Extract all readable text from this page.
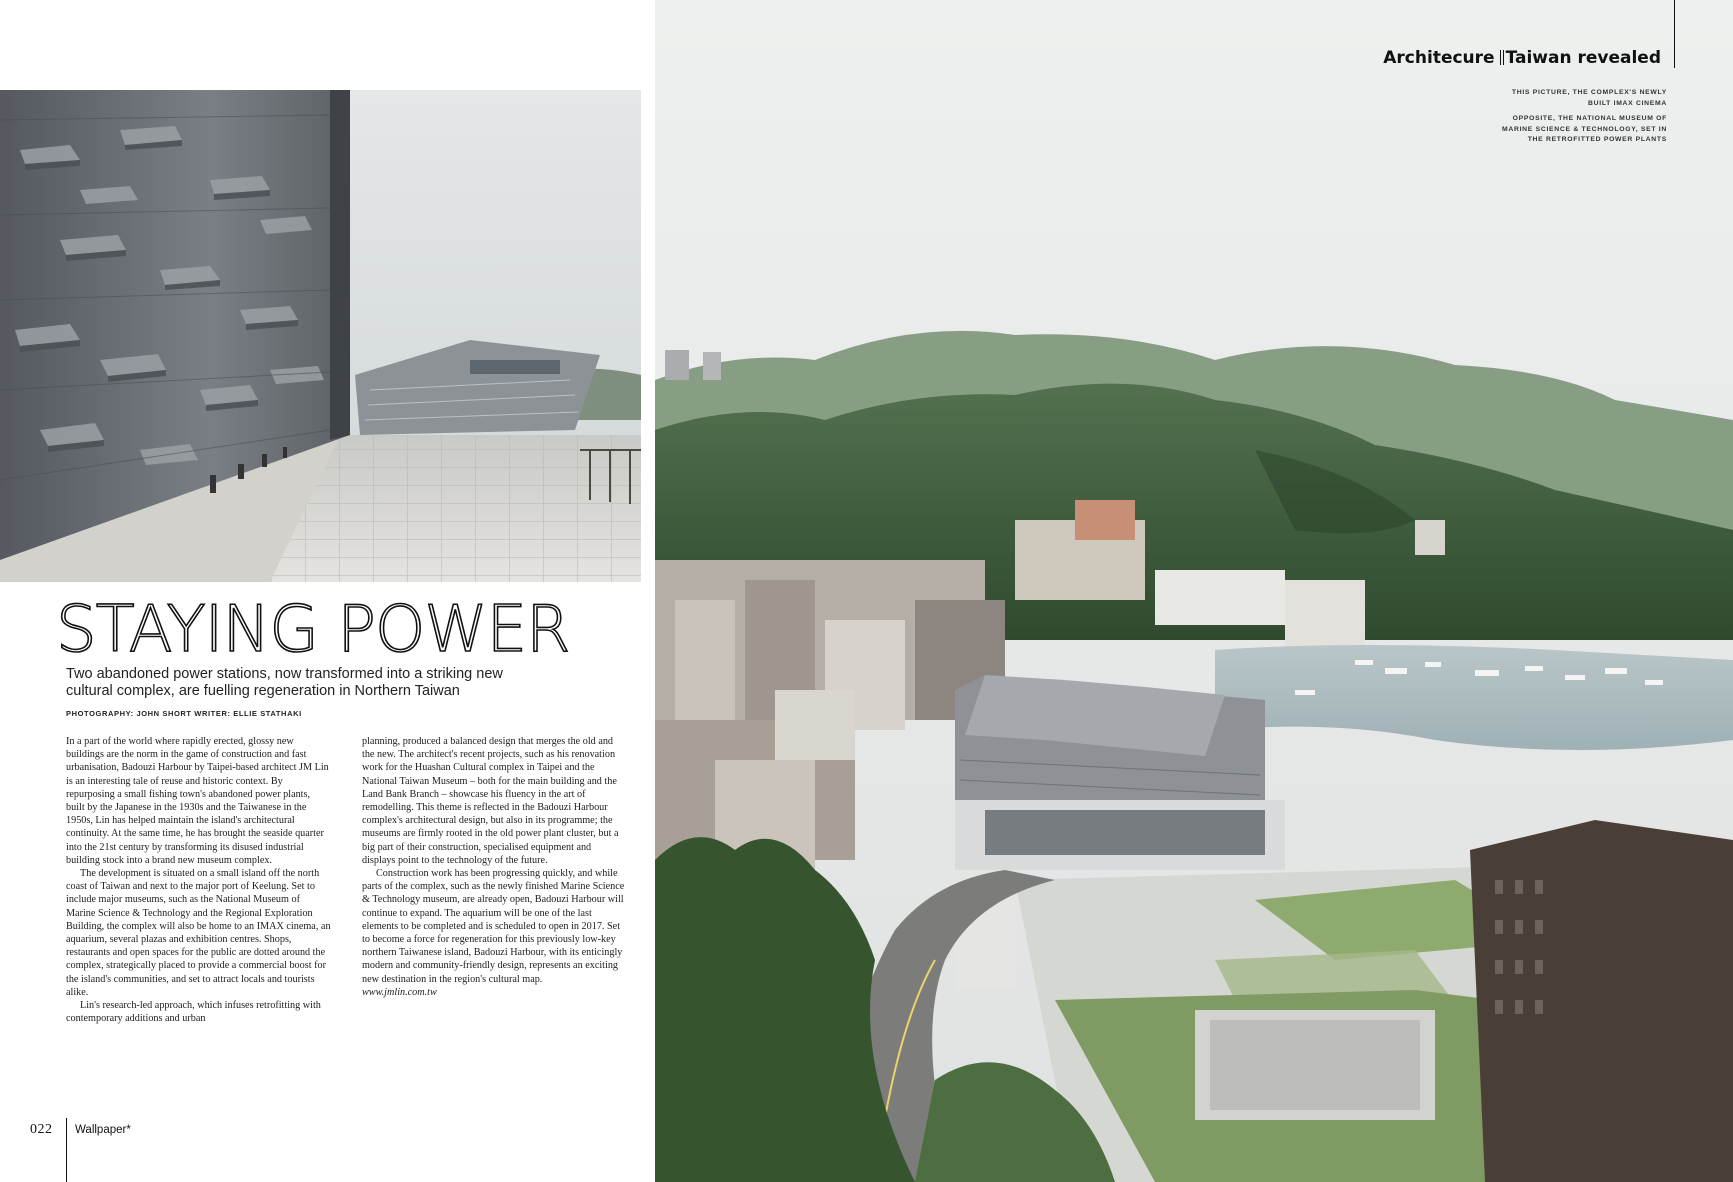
STAYING POWER

Two abandoned power stations, now transformed into a striking new cultural complex, are fuelling regeneration in Northern Taiwan

PHOTOGRAPHY: JOHN SHORT WRITER: ELLIE STATHAKI

In a part of the world where rapidly erected, glossy new buildings are the norm in the game of construction and fast urbanisation, Badouzi Harbour by Taipei-based architect JM Lin is an interesting tale of reuse and historic context. By repurposing a small fishing town's abandoned power plants, built by the Japanese in the 1930s and the Taiwanese in the 1950s, Lin has helped maintain the island's architectural continuity. At the same time, he has brought the seaside quarter into the 21st century by transforming its disused industrial building stock into a brand new museum complex.

The development is situated on a small island off the north coast of Taiwan and next to the major port of Keelung. Set to include major museums, such as the National Museum of Marine Science & Technology and the Regional Exploration Building, the complex will also be home to an IMAX cinema, an aquarium, several plazas and exhibition centres. Shops, restaurants and open spaces for the public are dotted around the complex, strategically placed to provide a commercial boost for the island's communities, and set to attract locals and tourists alike.

Lin's research-led approach, which infuses retrofitting with contemporary additions and urban

planning, produced a balanced design that merges the old and the new. The architect's recent projects, such as his renovation work for the Huashan Cultural complex in Taipei and the National Taiwan Museum – both for the main building and the Land Bank Branch – showcase his fluency in the art of remodelling. This theme is reflected in the Badouzi Harbour complex's architectural design, but also in its programme; the museums are firmly rooted in the old power plant cluster, but a big part of their construction, specialised equipment and displays point to the technology of the future.

Construction work has been progressing quickly, and while parts of the complex, such as the newly finished Marine Science & Technology museum, are already open, Badouzi Harbour will continue to expand. The aquarium will be one of the last elements to be completed and is scheduled to open in 2017. Set to become a force for regeneration for this previously low-key northern Taiwanese island, Badouzi Harbour, with its enticingly modern and community-friendly design, represents an exciting new destination in the region's cultural map.

www.jmlin.com.tw

022 Wallpaper*
Architecure Taiwan revealed

THIS PICTURE, THE COMPLEX'S NEWLY BUILT IMAX CINEMA

OPPOSITE, THE NATIONAL MUSEUM OF MARINE SCIENCE & TECHNOLOGY, SET IN THE RETROFITTED POWER PLANTS
